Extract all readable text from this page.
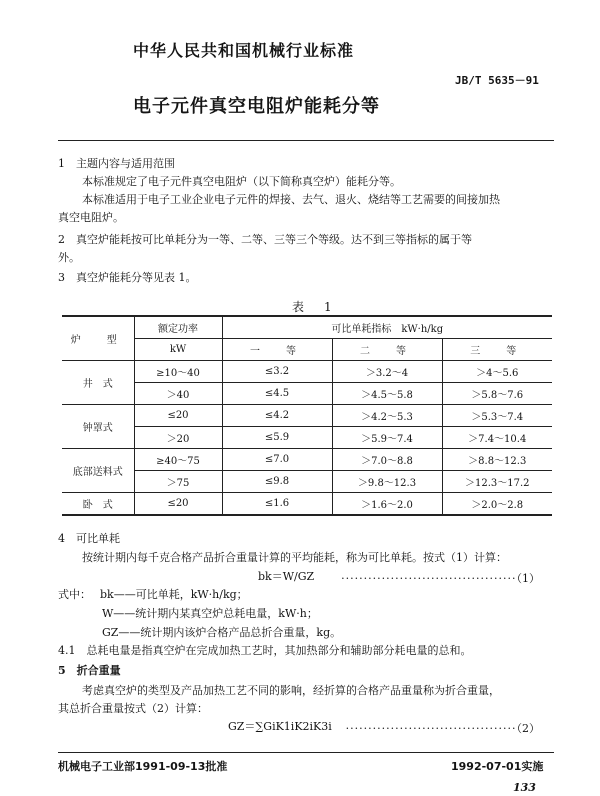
中华人民共和国机械行业标准
JB/T 5635－91
电子元件真空电阻炉能耗分等
1　主题内容与适用范围
本标准规定了电子元件真空电阻炉（以下简称真空炉）能耗分等。
本标准适用于电子工业企业电子元件的焊接、去气、退火、烧结等工艺需要的间接加热
真空电阻炉。
2　真空炉能耗按可比单耗分为一等、二等、三等三个等级。达不到三等指标的属于等
外。
3　真空炉能耗分等见表 1。
表　1
炉　型	额定功率	可比单耗指标　kW·h/kg		
	kW	一　等	二　等	三　等
井　式	≥10～40	≤3.2	＞3.2～4	＞4～5.6
	＞40	≤4.5	＞4.5～5.8	＞5.8～7.6
钟罩式	≤20	≤4.2	＞4.2～5.3	＞5.3～7.4
	＞20	≤5.9	＞5.9～7.4	＞7.4～10.4
底部送料式	≥40～75	≤7.0	＞7.0～8.8	＞8.8～12.3
	＞75	≤9.8	＞9.8～12.3	＞12.3～17.2
卧　式	≤20	≤1.6	＞1.6～2.0	＞2.0～2.8
4　可比单耗
按统计期内每千克合格产品折合重量计算的平均能耗，称为可比单耗。按式（1）计算：
bk＝W/GZ	·······································（1）
式中： bk——可比单耗，kW·h/kg；
W——统计期内某真空炉总耗电量，kW·h；
GZ——统计期内该炉合格产品总折合重量，kg。
4.1　总耗电量是指真空炉在完成加热工艺时，其加热部分和辅助部分耗电量的总和。
5　折合重量
考虑真空炉的类型及产品加热工艺不同的影响，经折算的合格产品重量称为折合重量，
其总折合重量按式（2）计算：
GZ＝∑GiK1iK2iK3i	······································（2）
机械电子工业部1991-09-13批准	1992-07-01实施
133
